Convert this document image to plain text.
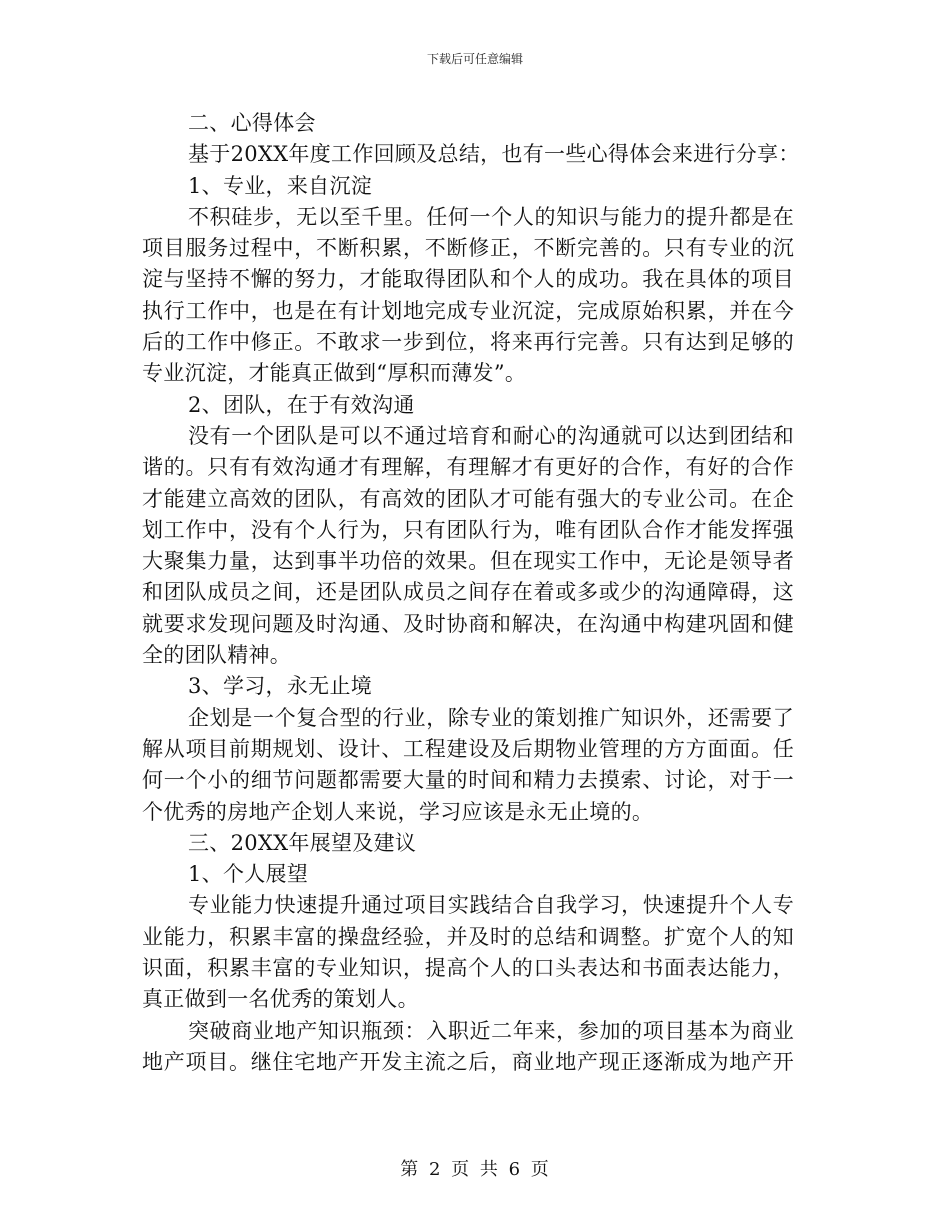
下载后可任意编辑
二、心得体会
基于20XX年度工作回顾及总结，也有一些心得体会来进行分享：
1、专业，来自沉淀
不积硅步，无以至千里。任何一个人的知识与能力的提升都是在
项目服务过程中，不断积累，不断修正，不断完善的。只有专业的沉
淀与坚持不懈的努力，才能取得团队和个人的成功。我在具体的项目
执行工作中，也是在有计划地完成专业沉淀，完成原始积累，并在今
后的工作中修正。不敢求一步到位，将来再行完善。只有达到足够的
专业沉淀，才能真正做到“厚积而薄发”。
2、团队，在于有效沟通
没有一个团队是可以不通过培育和耐心的沟通就可以达到团结和
谐的。只有有效沟通才有理解，有理解才有更好的合作，有好的合作
才能建立高效的团队，有高效的团队才可能有强大的专业公司。在企
划工作中，没有个人行为，只有团队行为，唯有团队合作才能发挥强
大聚集力量，达到事半功倍的效果。但在现实工作中，无论是领导者
和团队成员之间，还是团队成员之间存在着或多或少的沟通障碍，这
就要求发现问题及时沟通、及时协商和解决，在沟通中构建巩固和健
全的团队精神。
3、学习，永无止境
企划是一个复合型的行业，除专业的策划推广知识外，还需要了
解从项目前期规划、设计、工程建设及后期物业管理的方方面面。任
何一个小的细节问题都需要大量的时间和精力去摸索、讨论，对于一
个优秀的房地产企划人来说，学习应该是永无止境的。
三、20XX年展望及建议
1、个人展望
专业能力快速提升通过项目实践结合自我学习，快速提升个人专
业能力，积累丰富的操盘经验，并及时的总结和调整。扩宽个人的知
识面，积累丰富的专业知识，提高个人的口头表达和书面表达能力，
真正做到一名优秀的策划人。
突破商业地产知识瓶颈：入职近二年来，参加的项目基本为商业
地产项目。继住宅地产开发主流之后，商业地产现正逐渐成为地产开
第 2 页 共 6 页
